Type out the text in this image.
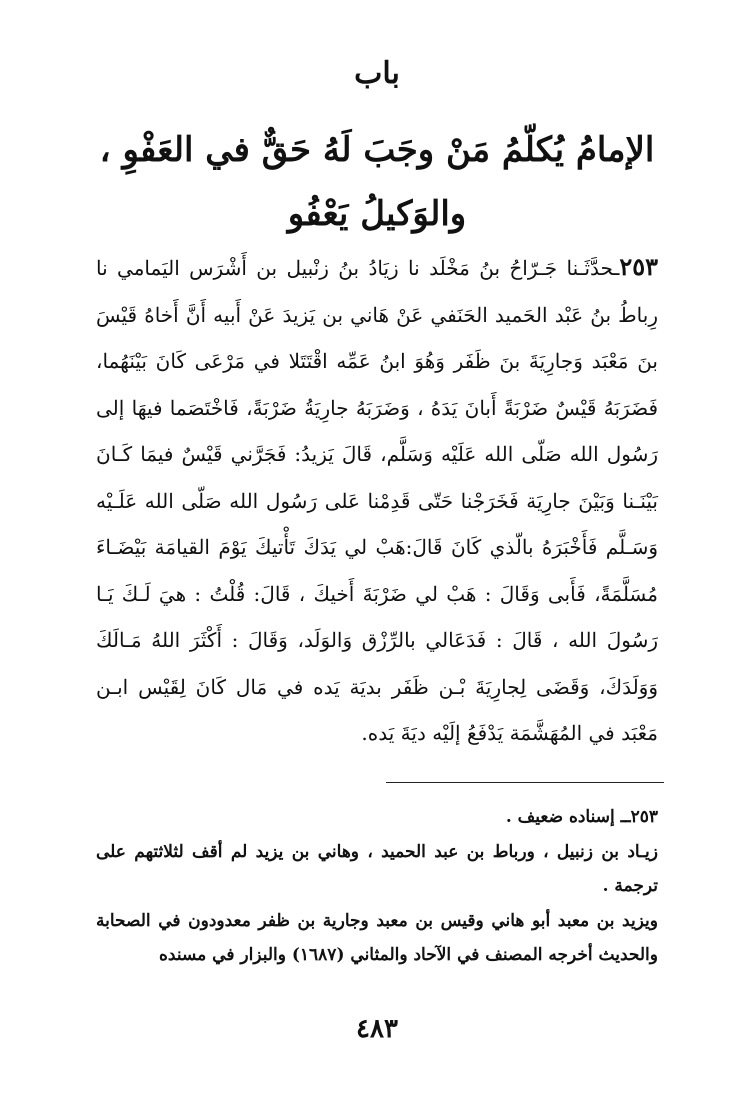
باب
الإمامُ يُكلّمُ مَنْ وجَبَ لَهُ حَقٌّ في العَفْوِ ، والوَكيلُ يَعْفُو
٢٥٣ـحدَّثَـنا جَـرّاحُ بنُ مَخْلَد نا زيَادُ بنُ زنْبيل بن أَشْرَس اليَمامي نا رِباطُ بنُ عَبْد الحَميد الحَنَفي عَنْ هَاني بن يَزيدَ عَنْ أَبيه أَنَّ أَخاهُ قَيْسَ بنَ مَعْبَد وَجارِيَةَ بنَ ظَفَر وَهُوَ ابنُ عَمِّه اقْتَتَلا في مَرْعَى كَانَ بَيْنَهُما، فَضَرَبَهُ قَيْسٌ ضَرْبَةً أَبانَ يَدَهُ ، وَضَرَبَهُ جارِيَةُ ضَرْبَةً، فَاخْتَصَما فيهَا إلى رَسُول الله صَلّى الله عَلَيْه وَسَلَّم، قَالَ يَزيدُ: فَجَرَّني قَيْسٌ فيمَا كَـانَ بَيْنَـنا وَبَيْنَ جارِيَة فَخَرَجْنا حَتّى قَدِمْنا عَلى رَسُول الله صَلّى الله عَلَـيْه وَسَـلَّم فَأَخْبَرَهُ بالّذي كَانَ قَالَ:هَبْ لي يَدَكَ تَأْتيكَ يَوْمَ القيامَة بَيْضَـاءَ مُسَلَّمَةً، فَأَبى وَقَالَ : هَبْ لي ضَرْبَةَ أَخيكَ ، قَالَ: قُلْتُ : هيَ لَـكَ يَـا رَسُولَ الله ، قَالَ : فَدَعَالي بالرِّزْق وَالوَلَد، وَقَالَ : أَكْثَرَ اللهُ مَـالَكَ وَوَلَدَكَ، وَقَضَى لِجارِيَةَ بْـن ظَفَر بديَة يَده في مَال كَانَ لِقَيْس ابـن مَعْبَد في المُهَشَّمَة يَدْفَعُ إلَيْه ديَةَ يَده.

٢٥٣ــ إسناده ضعيف .

زيـاد بن زنبيل ، ورباط بن عبد الحميد ، وهاني بن يزيد لم أقف لثلاثتهم على ترجمة .

ويزيد بن معبد أبو هاني وقيس بن معبد وجارية بن ظفر معدودون في الصحابة والحديث أخرجه المصنف في الآحاد والمثاني (١٦٨٧) والبزار في مسنده

٤٨٣
